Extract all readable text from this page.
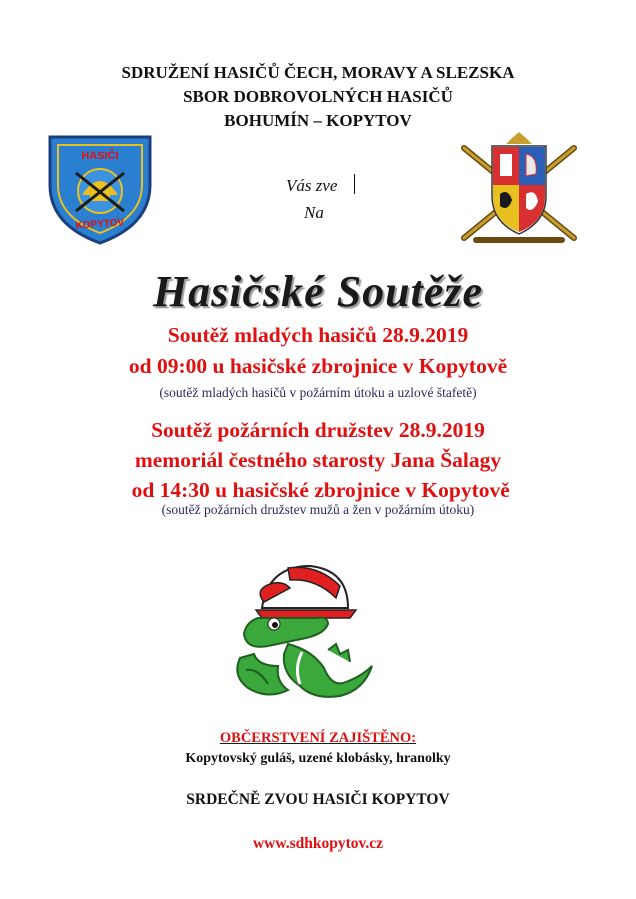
SDRUŽENÍ HASIČŮ ČECH, MORAVY A SLEZSKA
SBOR DOBROVOLNÝCH HASIČŮ
BOHUMÍN – KOPYTOV
HASIČI
KOPYTOV
Vás zve
Na
Hasičské Soutěže
Soutěž mladých hasičů 28.9.2019
od 09:00 u hasičské zbrojnice v Kopytově
(soutěž mladých hasičů v požárním útoku a uzlové štafetě)
Soutěž požárních družstev 28.9.2019
memoriál čestného starosty Jana Šalagy
od 14:30 u hasičské zbrojnice v Kopytově
(soutěž požárních družstev mužů a žen v požárním útoku)
OBČERSTVENÍ ZAJIŠTĚNO:
Kopytovský guláš, uzené klobásky, hranolky
SRDEČNĚ ZVOU HASIČI KOPYTOV
www.sdhkopytov.cz
